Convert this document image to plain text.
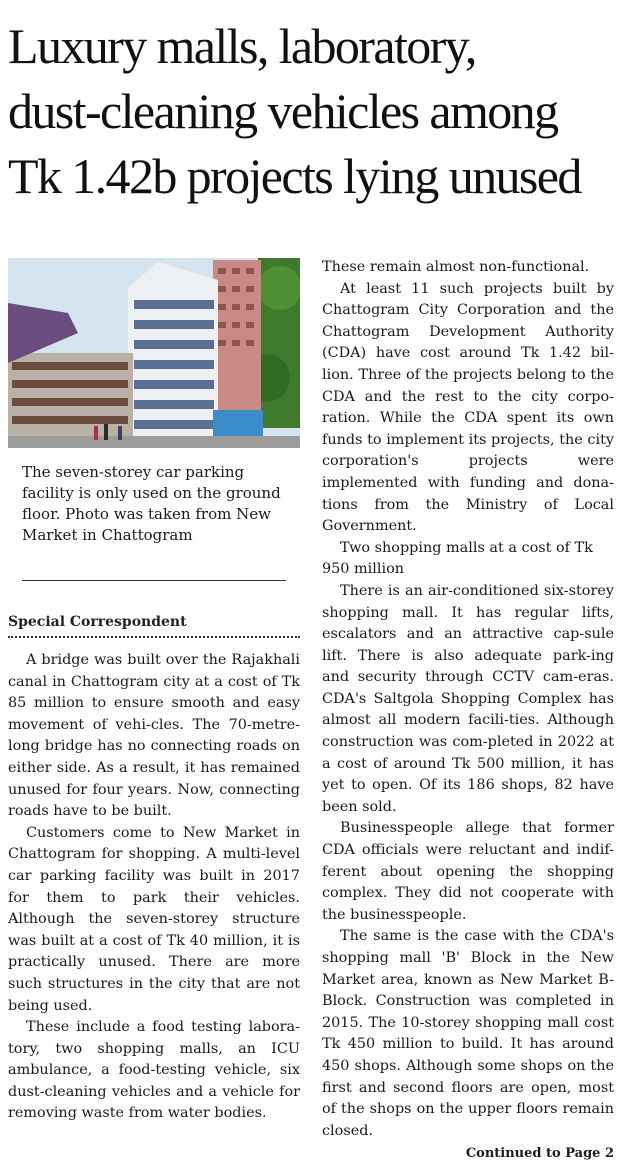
Luxury malls, laboratory,
dust-cleaning vehicles among
Tk 1.42b projects lying unused

The seven-storey car parking facility is only used on the ground floor. Photo was taken from New Market in Chattogram

Special Correspondent

A bridge was built over the Rajakhali canal in Chattogram city at a cost of Tk 85 million to ensure smooth and easy movement of vehi-cles. The 70-metre-long bridge has no connecting roads on either side. As a result, it has remained unused for four years. Now, connecting roads have to be built.

Customers come to New Market in Chattogram for shopping. A multi-level car parking facility was built in 2017 for them to park their vehicles. Although the seven-storey structure was built at a cost of Tk 40 million, it is practically unused. There are more such structures in the city that are not being used.

These include a food testing labora-tory, two shopping malls, an ICU ambulance, a food-testing vehicle, six dust-cleaning vehicles and a vehicle for removing waste from water bodies.

These remain almost non-functional.

At least 11 such projects built by Chattogram City Corporation and the Chattogram Development Authority (CDA) have cost around Tk 1.42 bil-lion. Three of the projects belong to the CDA and the rest to the city corpo-ration. While the CDA spent its own funds to implement its projects, the city corporation's projects were implemented with funding and dona-tions from the Ministry of Local Government.

Two shopping malls at a cost of Tk 950 million

There is an air-conditioned six-storey shopping mall. It has regular lifts, escalators and an attractive cap-sule lift. There is also adequate park-ing and security through CCTV cam-eras. CDA's Saltgola Shopping Complex has almost all modern facili-ties. Although construction was com-pleted in 2022 at a cost of around Tk 500 million, it has yet to open. Of its 186 shops, 82 have been sold.

Businesspeople allege that former CDA officials were reluctant and indif-ferent about opening the shopping complex. They did not cooperate with the businesspeople.

The same is the case with the CDA's shopping mall 'B' Block in the New Market area, known as New Market B-Block. Construction was completed in 2015. The 10-storey shopping mall cost Tk 450 million to build. It has around 450 shops. Although some shops on the first and second floors are open, most of the shops on the upper floors remain closed.

Continued to Page 2
